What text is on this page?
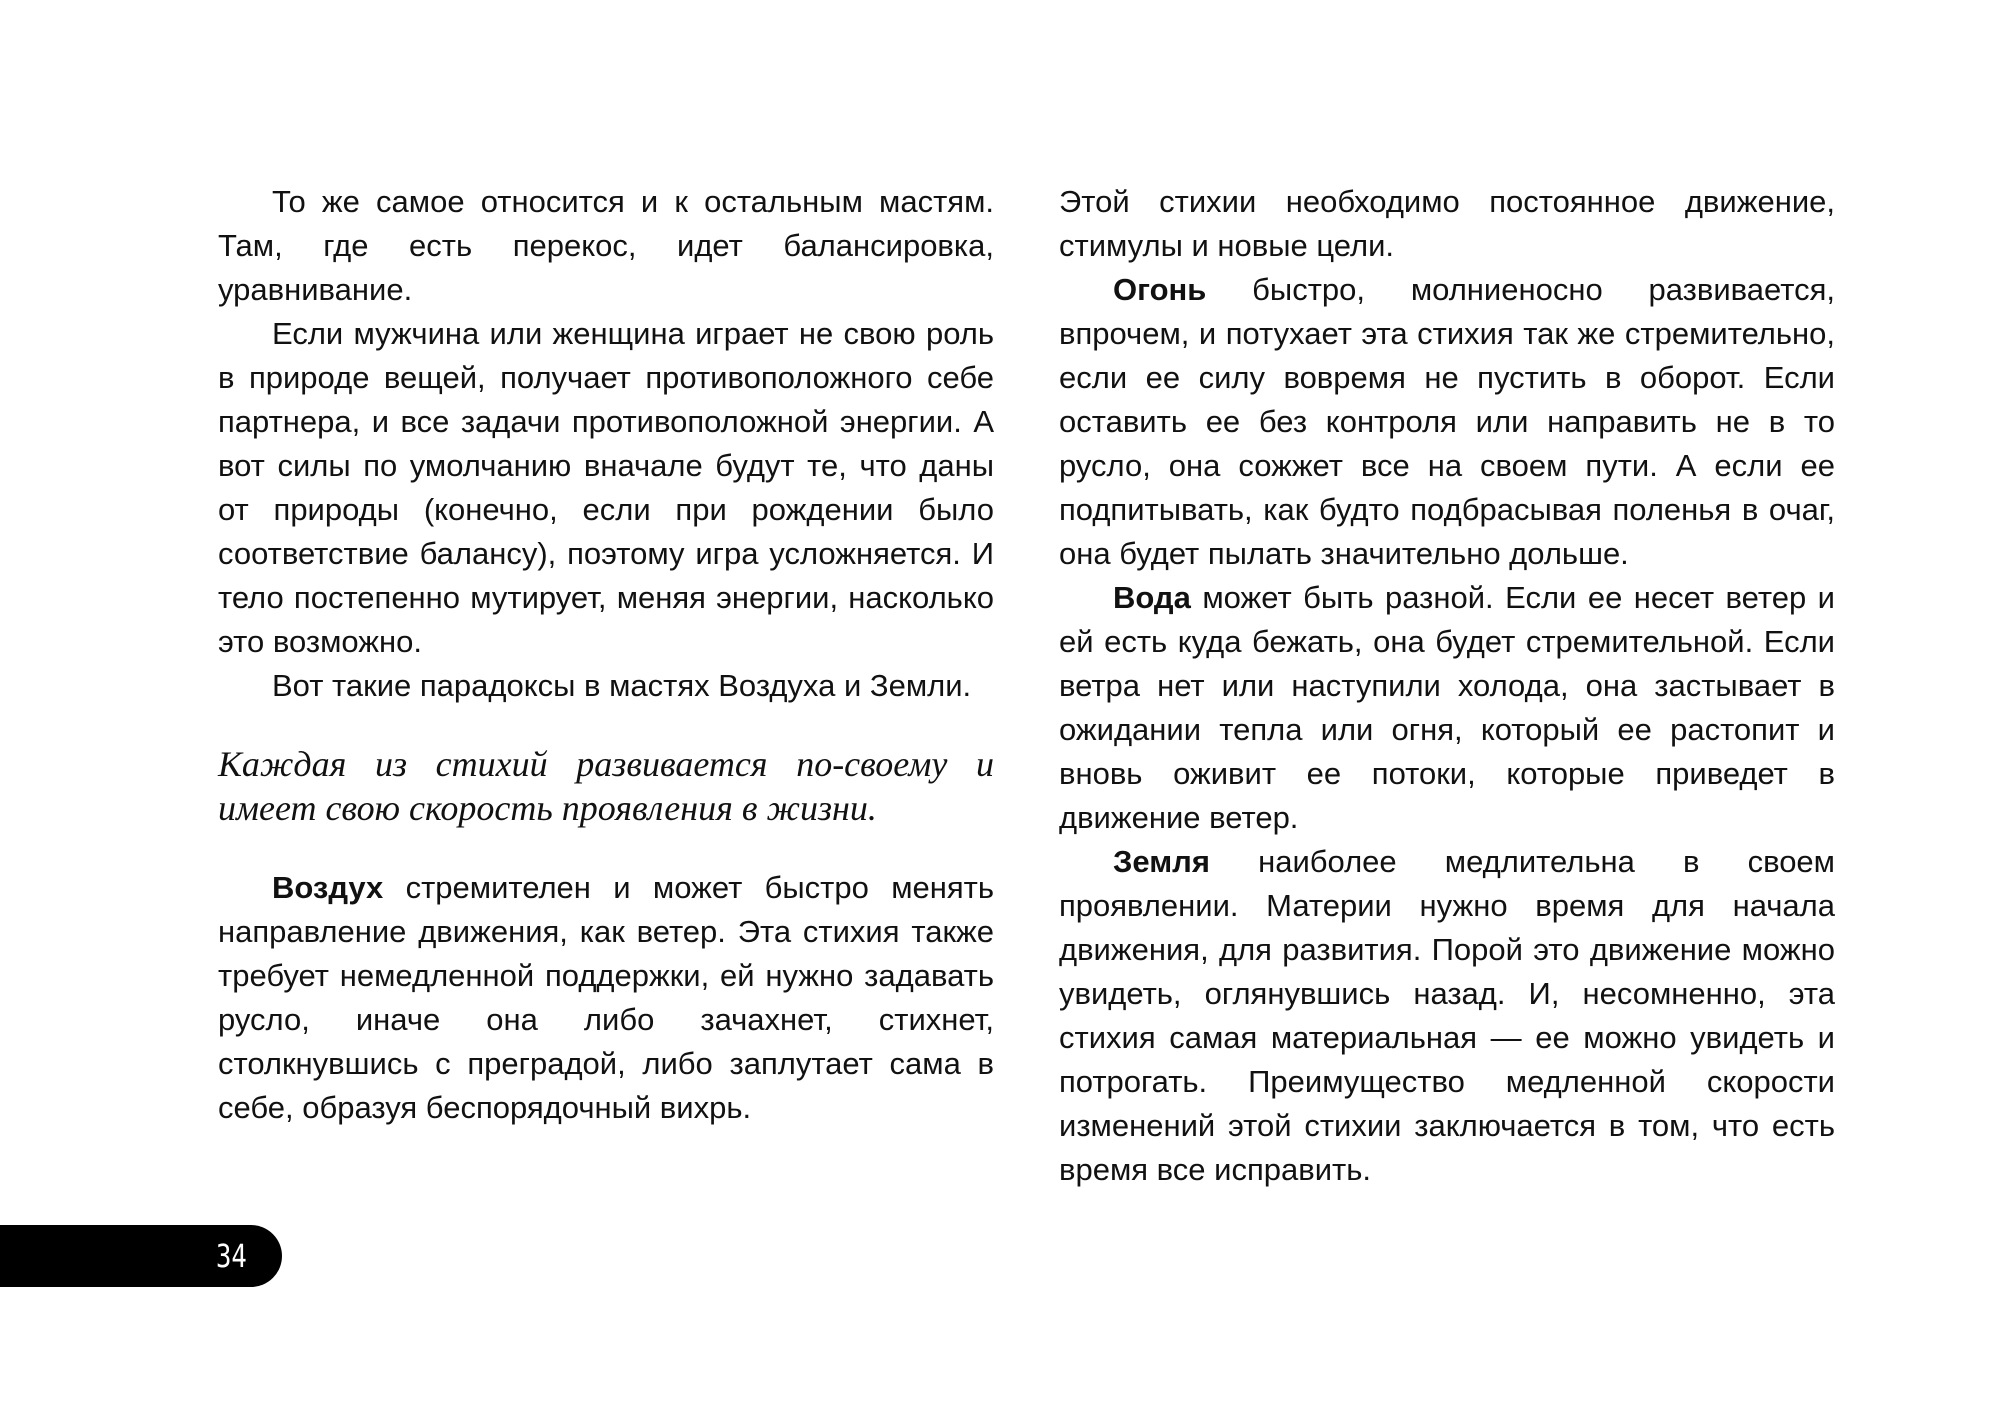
То же самое относится и к остальным мастям. Там, где есть перекос, идет балансировка, уравнивание.

Если мужчина или женщина играет не свою роль в природе вещей, получает противоположного себе партнера, и все задачи противоположной энергии. А вот силы по умолчанию вначале будут те, что даны от природы (конечно, если при рождении было соответствие балансу), поэтому игра усложняется. И тело постепенно мутирует, меняя энергии, насколько это возможно.

Вот такие парадоксы в мастях Воздуха и Земли.

Каждая из стихий развивается по-своему и имеет свою скорость проявления в жизни.

Воздух стремителен и может быстро менять направление движения, как ветер. Эта стихия также требует немедленной поддержки, ей нужно задавать русло, иначе она либо зачахнет, стихнет, столкнувшись с преградой, либо заплутает сама в себе, образуя беспорядочный вихрь.

Этой стихии необходимо постоянное движение, стимулы и новые цели.

Огонь быстро, молниеносно развивается, впрочем, и потухает эта стихия так же стремительно, если ее силу вовремя не пустить в оборот. Если оставить ее без контроля или направить не в то русло, она сожжет все на своем пути. А если ее подпитывать, как будто подбрасывая поленья в очаг, она будет пылать значительно дольше.

Вода может быть разной. Если ее несет ветер и ей есть куда бежать, она будет стремительной. Если ветра нет или наступили холода, она застывает в ожидании тепла или огня, который ее растопит и вновь оживит ее потоки, которые приведет в движение ветер.

Земля наиболее медлительна в своем проявлении. Материи нужно время для начала движения, для развития. Порой это движение можно увидеть, оглянувшись назад. И, несомненно, эта стихия самая материальная — ее можно увидеть и потрогать. Преимущество медленной скорости изменений этой стихии заключается в том, что есть время все исправить.

34
